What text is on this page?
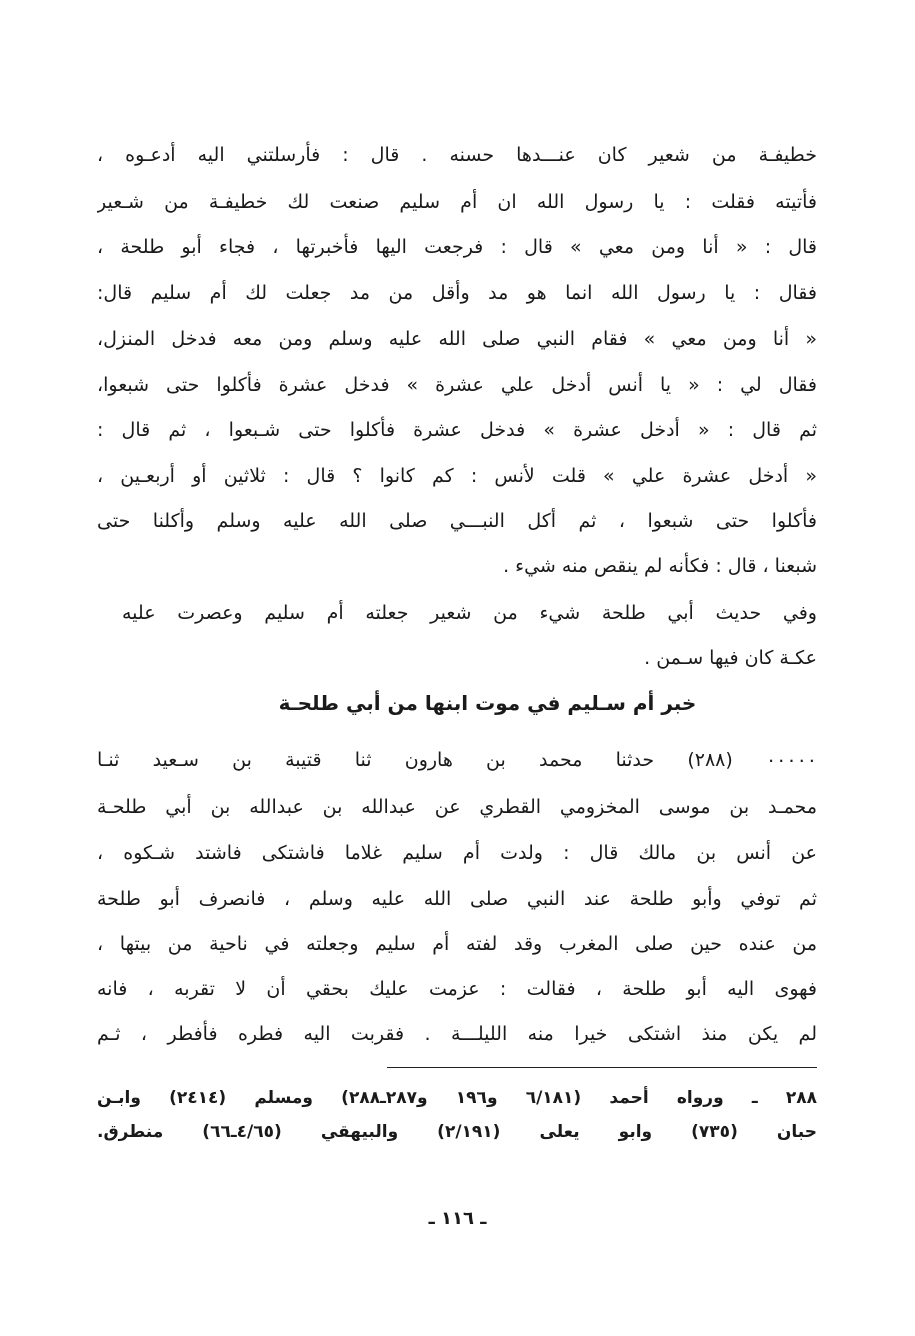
خطيفـة من شعير كان عنـــدها حسنه . قال : فأرسلتني اليه أدعـوه ،
فأتيته فقلت : يا رسول الله ان أم سليم صنعت لك خطيفـة من شـعير
قال : « أنا ومن معي » قال : فرجعت اليها فأخبرتها ، فجاء أبو طلحة ،
فقال : يا رسول الله انما هو مد وأقل من مد جعلت لك أم سليم قال:
« أنا ومن معي » فقام النبي صلى الله عليه وسلم ومن معه فدخل المنزل،
فقال لي : « يا أنس أدخل علي عشرة » فدخل عشرة فأكلوا حتى شبعوا،
ثم قال : « أدخل عشرة » فدخل عشرة فأكلوا حتى شـبعوا ، ثم قال :
« أدخل عشرة علي » قلت لأنس : كم كانوا ؟ قال : ثلاثين أو أربعـين ،
فأكلوا حتى شبعوا ، ثم أكل النبـــي صلى الله عليه وسلم وأكلنا حتى
شبعنا ، قال : فكأنه لم ينقص منه شيء .
وفي حديث أبي طلحة شيء من شعير جعلته أم سليم وعصرت عليه
عكـة كان فيها سـمن .
خبر أم سـليم في موت ابنها من أبي طلحـة
٠٠٠٠٠ (٢٨٨) حدثنا محمد بن هارون ثنا قتيبة بن سـعيد ثنـا
محمـد بن موسى المخزومي القطري عن عبدالله بن عبدالله بن أبي طلحـة
عن أنس بن مالك قال : ولدت أم سليم غلاما فاشتكى فاشتد شـكوه ،
ثم توفي وأبو طلحة عند النبي صلى الله عليه وسلم ، فانصرف أبو طلحة
من عنده حين صلى المغرب وقد لفته أم سليم وجعلته في ناحية من بيتها ،
فهوى اليه أبو طلحة ، فقالت : عزمت عليك بحقي أن لا تقربه ، فانه
لم يكن منذ اشتكى خيرا منه الليلـــة . فقربت اليه فطره فأفطر ، ثـم
٢٨٨ ـ ورواه أحمد (٦/١٨١ و١٩٦ و٢٨٧ـ٢٨٨) ومسلم (٢٤١٤) وابـن
حبان (٧٣٥) وابو يعلى (٢/١٩١) والبيهقي (٤/٦٥ـ٦٦) منطرق.
ـ ١١٦ ـ
